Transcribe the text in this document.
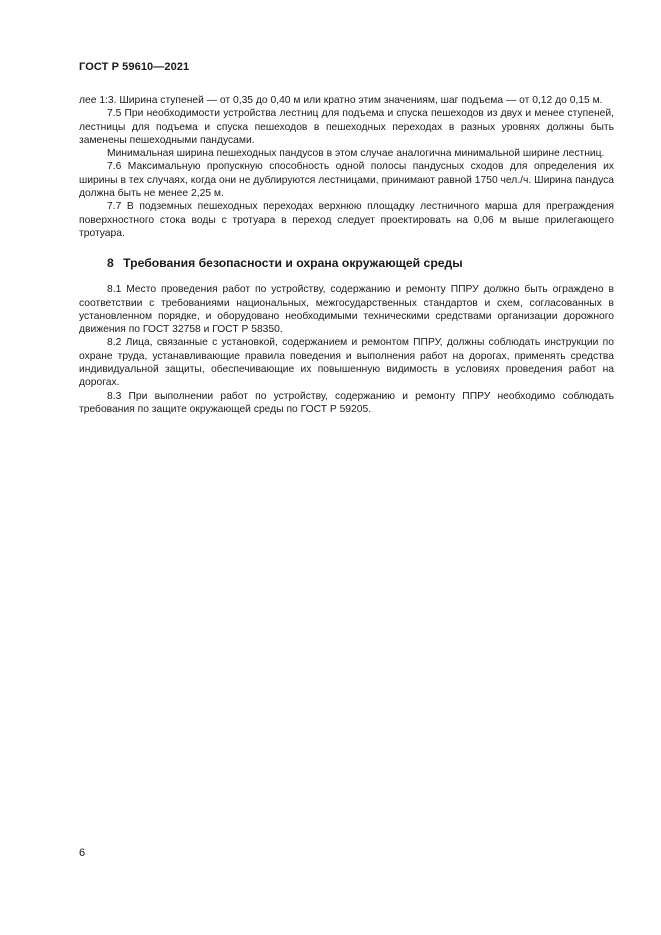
ГОСТ Р 59610—2021

лее 1:3. Ширина ступеней — от 0,35 до 0,40 м или кратно этим значениям, шаг подъема — от 0,12 до 0,15 м.

7.5 При необходимости устройства лестниц для подъема и спуска пешеходов из двух и менее ступеней, лестницы для подъема и спуска пешеходов в пешеходных переходах в разных уровнях должны быть заменены пешеходными пандусами.

Минимальная ширина пешеходных пандусов в этом случае аналогична минимальной ширине лестниц.

7.6 Максимальную пропускную способность одной полосы пандусных сходов для определения их ширины в тех случаях, когда они не дублируются лестницами, принимают равной 1750 чел./ч. Ширина пандуса должна быть не менее 2,25 м.

7.7 В подземных пешеходных переходах верхнюю площадку лестничного марша для преграждения поверхностного стока воды с тротуара в переход следует проектировать на 0,06 м выше прилегающего тротуара.

8 Требования безопасности и охрана окружающей среды

8.1 Место проведения работ по устройству, содержанию и ремонту ППРУ должно быть ограждено в соответствии с требованиями национальных, межгосударственных стандартов и схем, согласованных в установленном порядке, и оборудовано необходимыми техническими средствами организации дорожного движения по ГОСТ 32758 и ГОСТ Р 58350.

8.2 Лица, связанные с установкой, содержанием и ремонтом ППРУ, должны соблюдать инструкции по охране труда, устанавливающие правила поведения и выполнения работ на дорогах, применять средства индивидуальной защиты, обеспечивающие их повышенную видимость в условиях проведения работ на дорогах.

8.3 При выполнении работ по устройству, содержанию и ремонту ППРУ необходимо соблюдать требования по защите окружающей среды по ГОСТ Р 59205.

6
